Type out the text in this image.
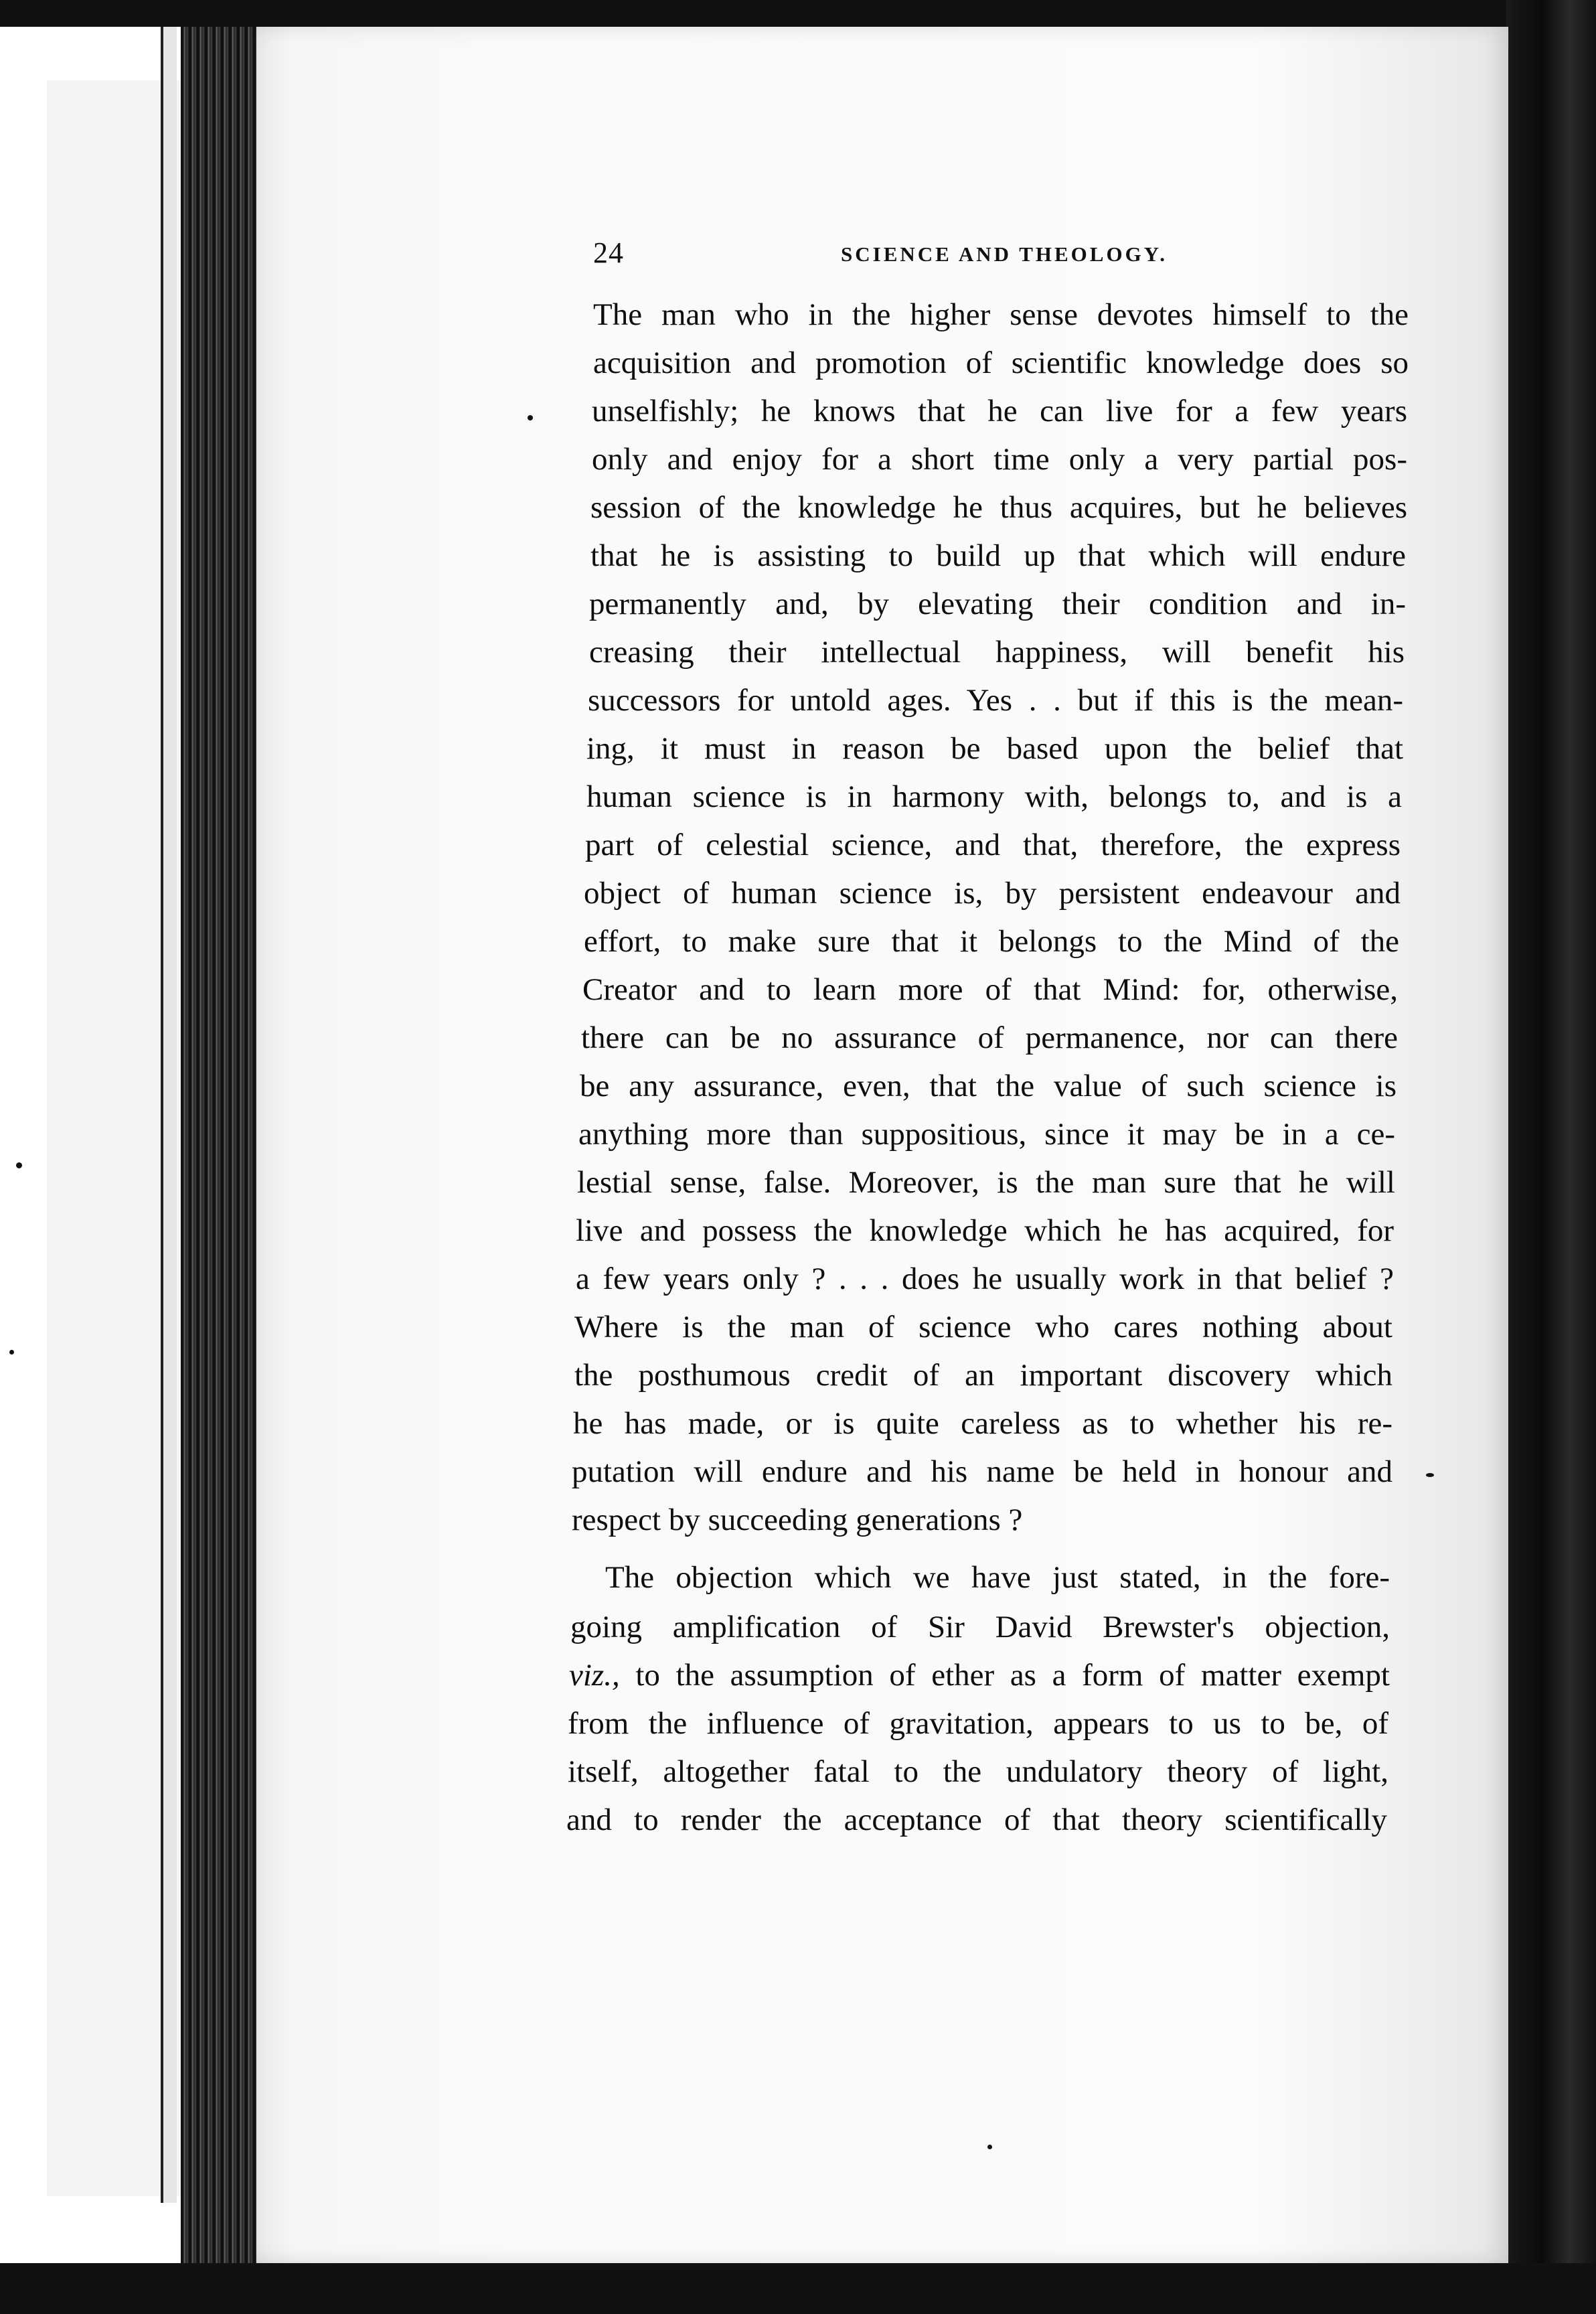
24	SCIENCE AND THEOLOGY.
The man who in the higher sense devotes himself to the
acquisition and promotion of scientific knowledge does so
unselfishly; he knows that he can live for a few years
only and enjoy for a short time only a very partial pos-
session of the knowledge he thus acquires, but he believes
that he is assisting to build up that which will endure
permanently and, by elevating their condition and in-
creasing their intellectual happiness, will benefit his
successors for untold ages. Yes . . but if this is the mean-
ing, it must in reason be based upon the belief that
human science is in harmony with, belongs to, and is a
part of celestial science, and that, therefore, the express
object of human science is, by persistent endeavour and
effort, to make sure that it belongs to the Mind of the
Creator and to learn more of that Mind: for, otherwise,
there can be no assurance of permanence, nor can there
be any assurance, even, that the value of such science is
anything more than suppositious, since it may be in a ce-
lestial sense, false. Moreover, is the man sure that he will
live and possess the knowledge which he has acquired, for
a few years only ? . . . does he usually work in that belief ?
Where is the man of science who cares nothing about
the posthumous credit of an important discovery which
he has made, or is quite careless as to whether his re-
putation will endure and his name be held in honour and
respect by succeeding generations ?
The objection which we have just stated, in the fore-
going amplification of Sir David Brewster's objection,
viz., to the assumption of ether as a form of matter exempt
from the influence of gravitation, appears to us to be, of
itself, altogether fatal to the undulatory theory of light,
and to render the acceptance of that theory scientifically
